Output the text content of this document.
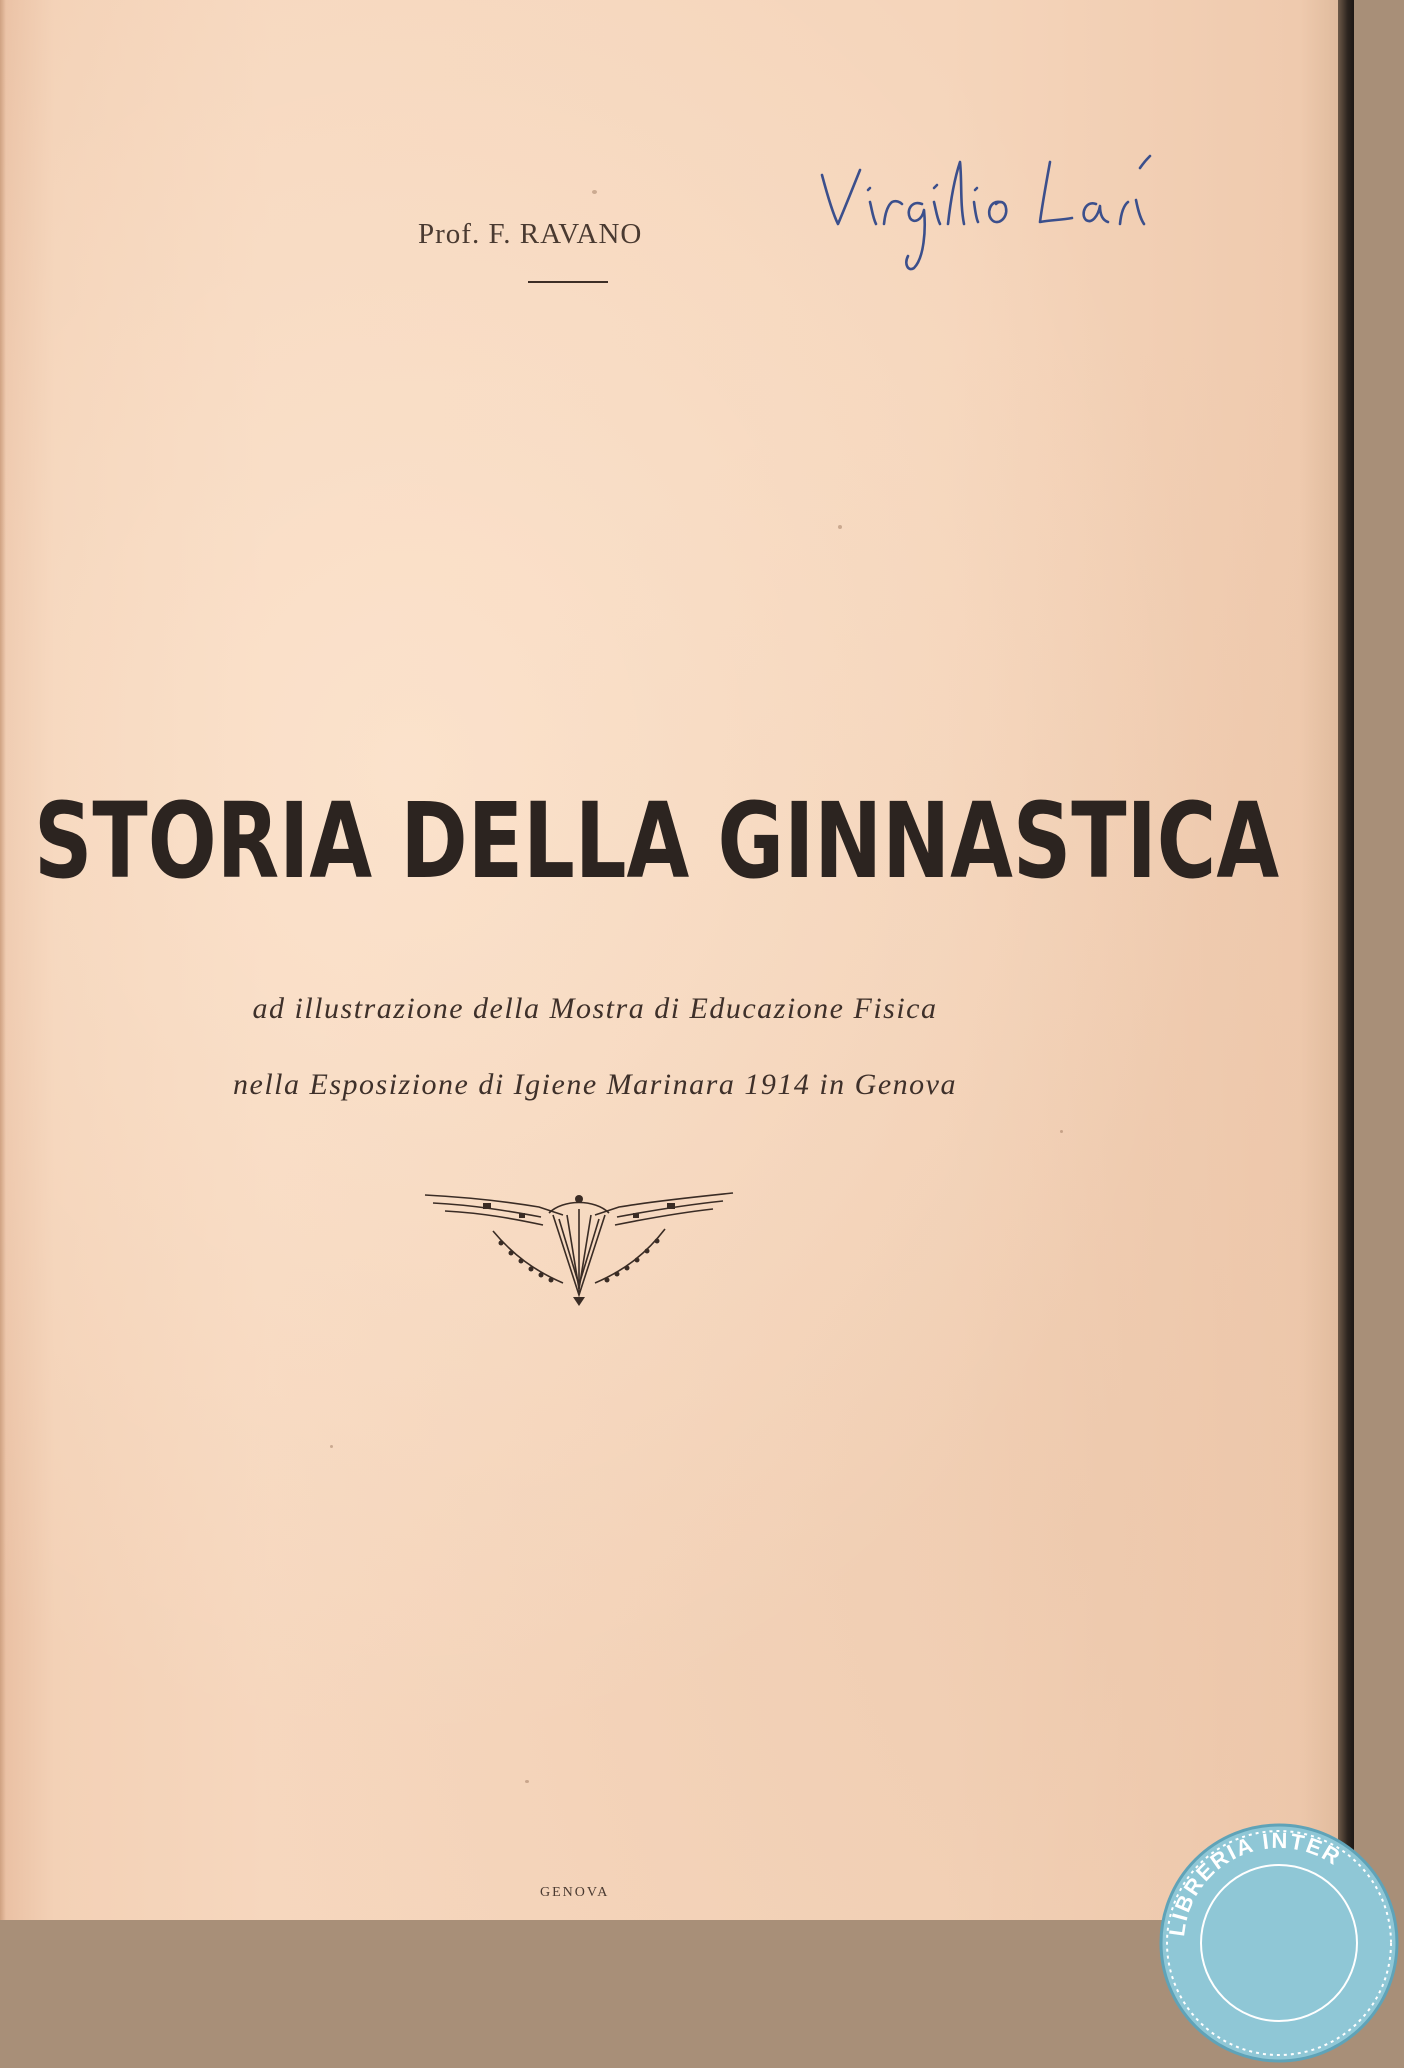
Prof. F. RAVANO
Virgilio Lari
STORIA DELLA GINNASTICA
ad illustrazione della Mostra di Educazione Fisica
nella Esposizione di Igiene Marinara 1914 in Genova
GENOVA
LIBRERIA INTER
